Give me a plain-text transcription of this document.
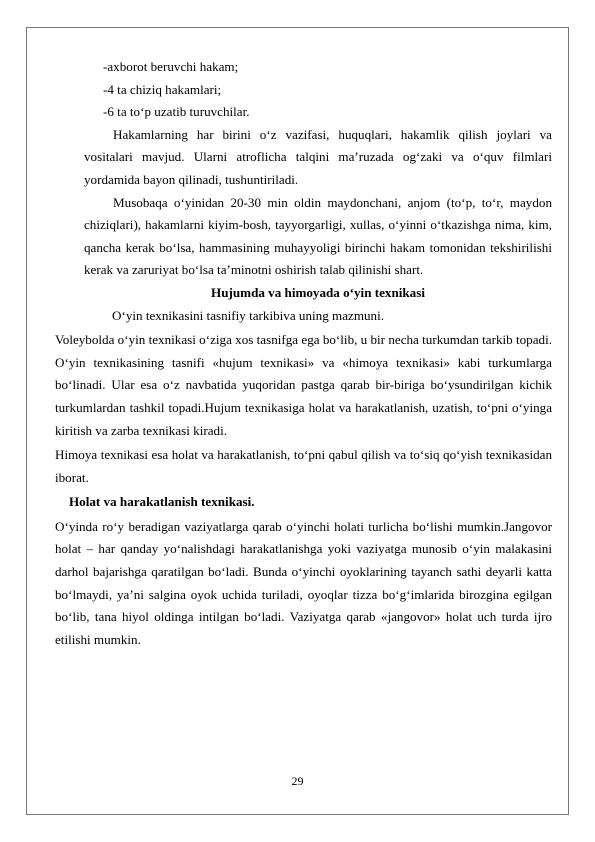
-axborot beruvchi hakam;

-4 ta chiziq hakamlari;

-6 ta to‘p uzatib turuvchilar.

Hakamlarning har birini o‘z vazifasi, huquqlari, hakamlik qilish joylari va vositalari mavjud. Ularni atroflicha talqini ma’ruzada og‘zaki va o‘quv filmlari yordamida bayon qilinadi, tushuntiriladi.

Musobaqa o‘yinidan 20-30 min oldin maydonchani, anjom (to‘p, to‘r, maydon chiziqlari), hakamlarni kiyim-bosh, tayyorgarligi, xullas, o‘yinni o‘tkazishga nima, kim, qancha kerak bo‘lsa, hammasining muhayyoligi birinchi hakam tomonidan tekshirilishi kerak va zaruriyat bo‘lsa ta’minotni oshirish talab qilinishi shart.

Hujumda va himoyada o‘yin texnikasi

O‘yin texnikasini tasnifiy tarkibiva uning mazmuni.

Voleybolda o‘yin texnikasi o‘ziga xos tasnifga ega bo‘lib, u bir necha turkumdan tarkib topadi. O‘yin texnikasining tasnifi «hujum texnikasi» va «himoya texnikasi» kabi turkumlarga bo‘linadi. Ular esa o‘z navbatida yuqoridan pastga qarab bir-biriga bo‘ysundirilgan kichik turkumlardan tashkil topadi.Hujum texnikasiga holat va harakatlanish, uzatish, to‘pni o‘yinga kiritish va zarba texnikasi kiradi.

Himoya texnikasi esa holat va harakatlanish, to‘pni qabul qilish va to‘siq qo‘yish texnikasidan iborat.

Holat va harakatlanish texnikasi.

O‘yinda ro‘y beradigan vaziyatlarga qarab o‘yinchi holati turlicha bo‘lishi mumkin.Jangovor holat – har qanday yo‘nalishdagi harakatlanishga yoki vaziyatga munosib o‘yin malakasini darhol bajarishga qaratilgan bo‘ladi. Bunda o‘yinchi oyoklarining tayanch sathi deyarli katta bo‘lmaydi, ya’ni salgina oyok uchida turiladi, oyoqlar tizza bo‘g‘imlarida birozgina egilgan bo‘lib, tana hiyol oldinga intilgan bo‘ladi. Vaziyatga qarab «jangovor» holat uch turda ijro etilishi mumkin.

29
